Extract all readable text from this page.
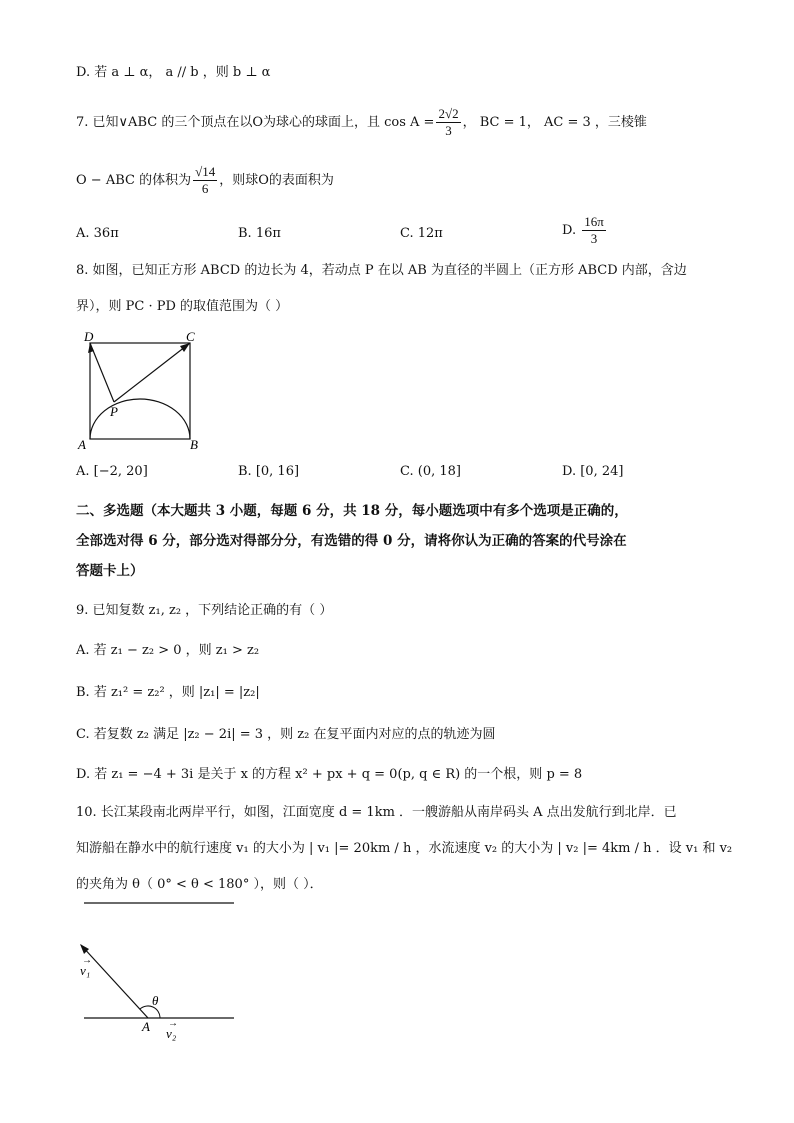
D. 若 a ⊥ α， a // b ，则 b ⊥ α
7. 已知∨ABC 的三个顶点在以O为球心的球面上，且 $\cos A = \frac{2√2}{3}$ ， BC = 1， AC = 3 ，三棱锥
O − ABC 的体积为 $\frac{√14}{6}$ ，则球O的表面积为
A. 36π	B. 16π	C. 12π	D. $\frac{16\pi}{3}$
8. 如图，已知正方形 ABCD 的边长为 4，若动点 P 在以 AB 为直径的半圆上（正方形 ABCD 内部，含边
界），则 PC · PD 的取值范围为（ ）
D	C
P
A	B
A. [−2, 20]	B. [0, 16]	C. (0, 18]	D. [0, 24]
二、多选题（本大题共 3 小题，每题 6 分，共 18 分，每小题选项中有多个选项是正确的，
全部选对得 6 分，部分选对得部分分，有选错的得 0 分，请将你认为正确的答案的代号涂在
答题卡上）
9. 已知复数 z₁, z₂ ，下列结论正确的有（ ）
A. 若 z₁ − z₂ > 0 ，则 z₁ > z₂
B. 若 z₁² = z₂² ，则 |z₁| = |z₂|
C. 若复数 z₂ 满足 |z₂ − 2i| = 3 ，则 z₂ 在复平面内对应的点的轨迹为圆
D. 若 z₁ = −4 + 3i 是关于 x 的方程 x² + px + q = 0(p, q ∈ R) 的一个根，则 p = 8
10. 长江某段南北两岸平行，如图，江面宽度 d = 1km ．一艘游船从南岸码头 A 点出发航行到北岸．已
知游船在静水中的航行速度 v₁ 的大小为 | v₁ |= 20km / h ，水流速度 v₂ 的大小为 | v₂ |= 4km / h ．设 v₁ 和 v₂
的夹角为 θ（ 0° < θ < 180° ），则（ ）．
v₁
→
θ
A v₂
→
